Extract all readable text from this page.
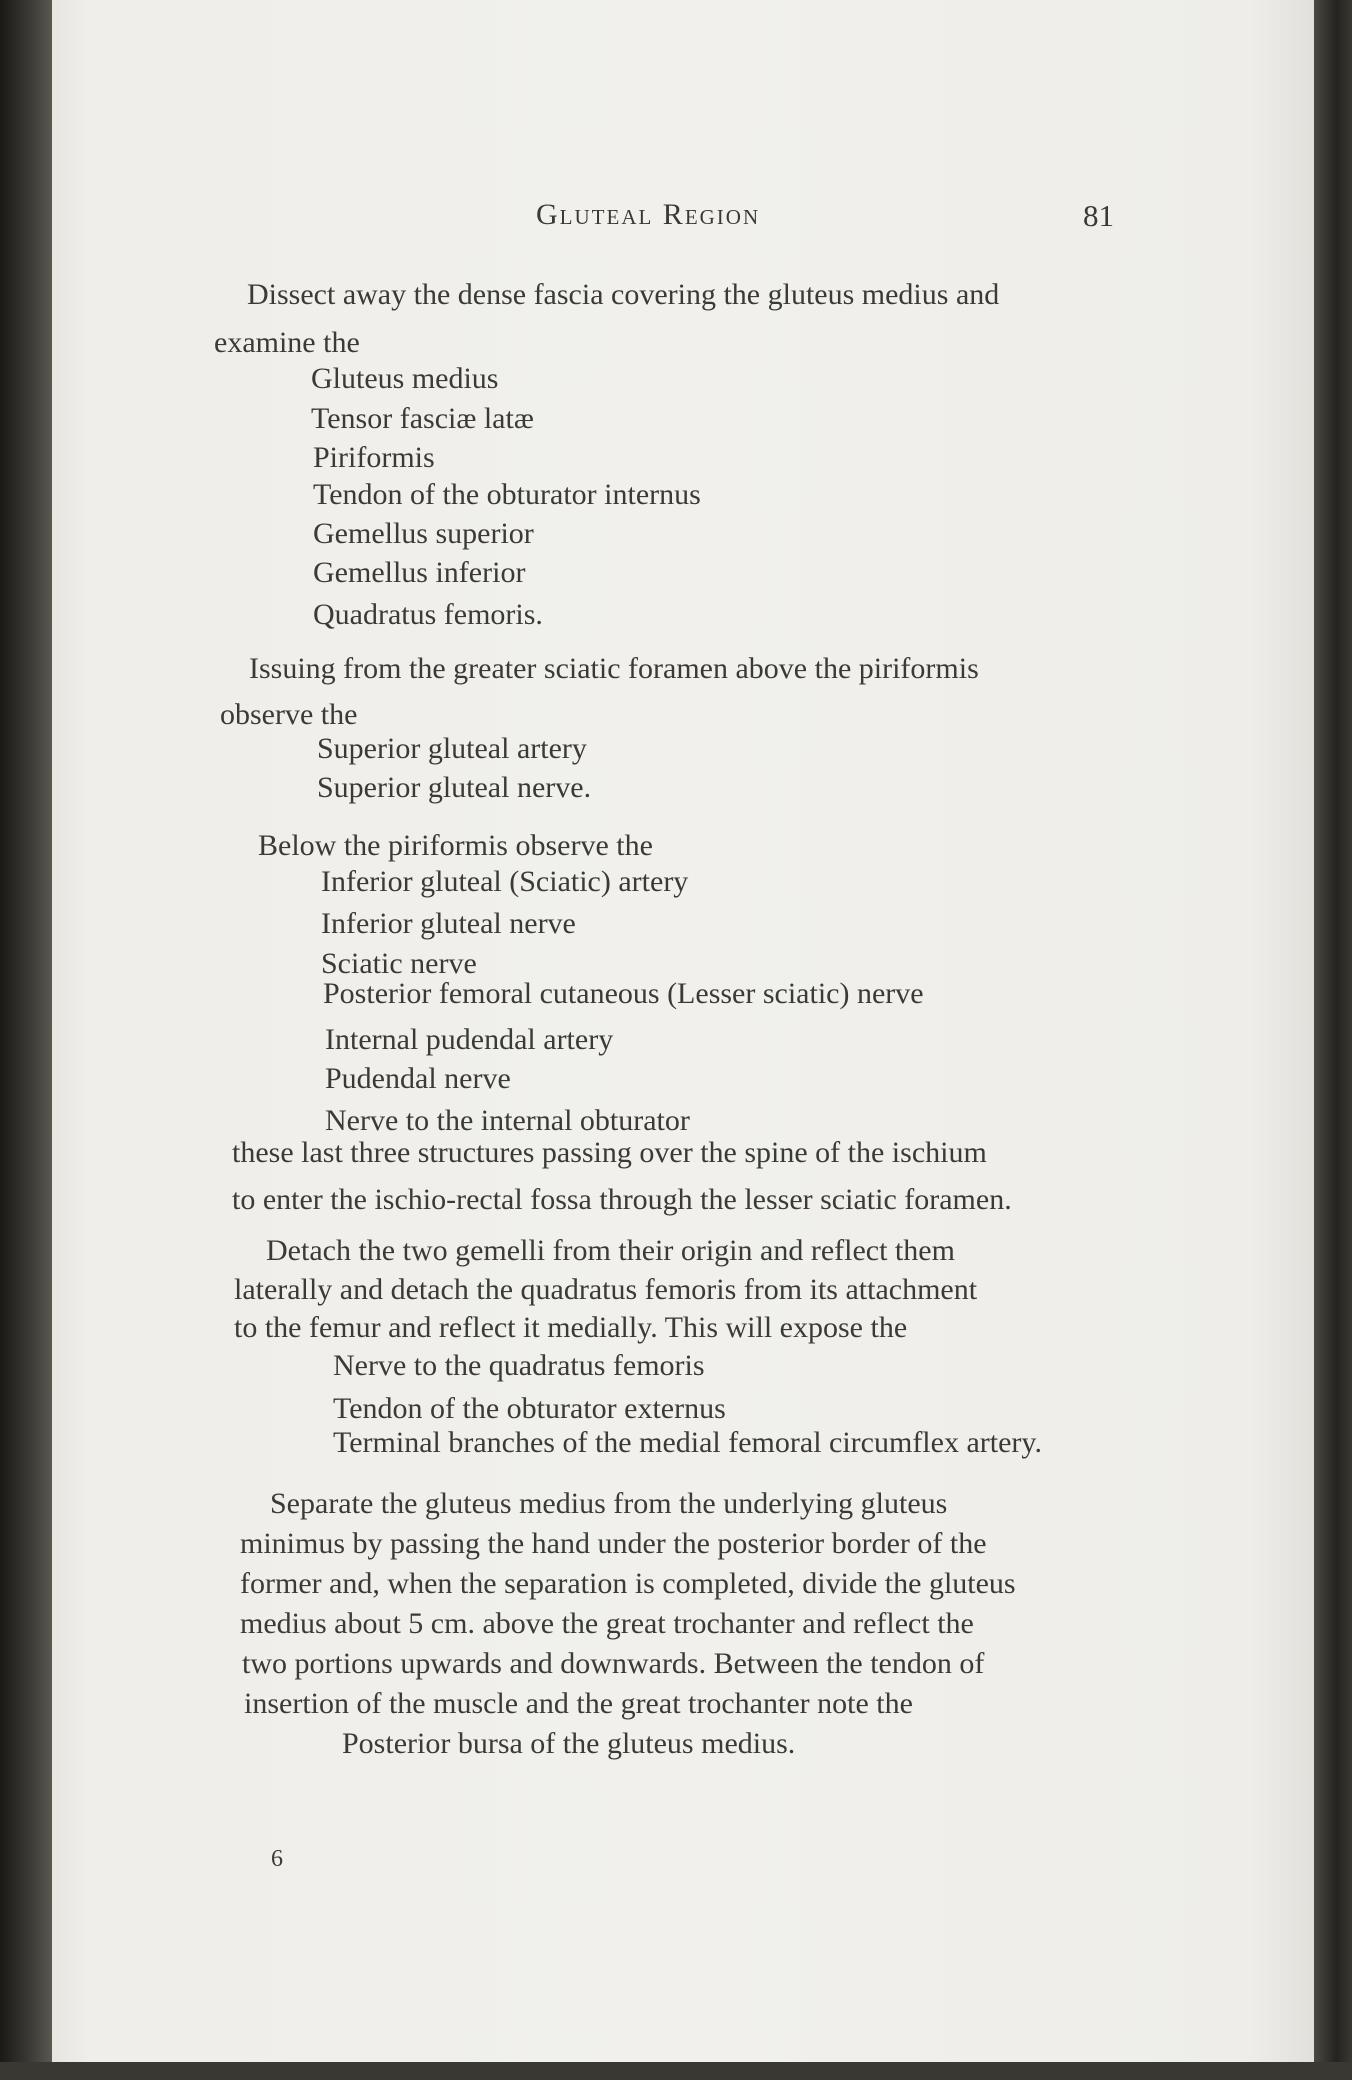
Gluteal Region	81
Dissect away the dense fascia covering the gluteus medius and
examine the
Gluteus medius
Tensor fasciæ latæ
Piriformis
Tendon of the obturator internus
Gemellus superior
Gemellus inferior
Quadratus femoris.
Issuing from the greater sciatic foramen above the piriformis
observe the
Superior gluteal artery
Superior gluteal nerve.
Below the piriformis observe the
Inferior gluteal (Sciatic) artery
Inferior gluteal nerve
Sciatic nerve
Posterior femoral cutaneous (Lesser sciatic) nerve
Internal pudendal artery
Pudendal nerve
Nerve to the internal obturator
these last three structures passing over the spine of the ischium
to enter the ischio-rectal fossa through the lesser sciatic foramen.
Detach the two gemelli from their origin and reflect them
laterally and detach the quadratus femoris from its attachment
to the femur and reflect it medially. This will expose the
Nerve to the quadratus femoris
Tendon of the obturator externus
Terminal branches of the medial femoral circumflex artery.
Separate the gluteus medius from the underlying gluteus
minimus by passing the hand under the posterior border of the
former and, when the separation is completed, divide the gluteus
medius about 5 cm. above the great trochanter and reflect the
two portions upwards and downwards. Between the tendon of
insertion of the muscle and the great trochanter note the
Posterior bursa of the gluteus medius.
6
